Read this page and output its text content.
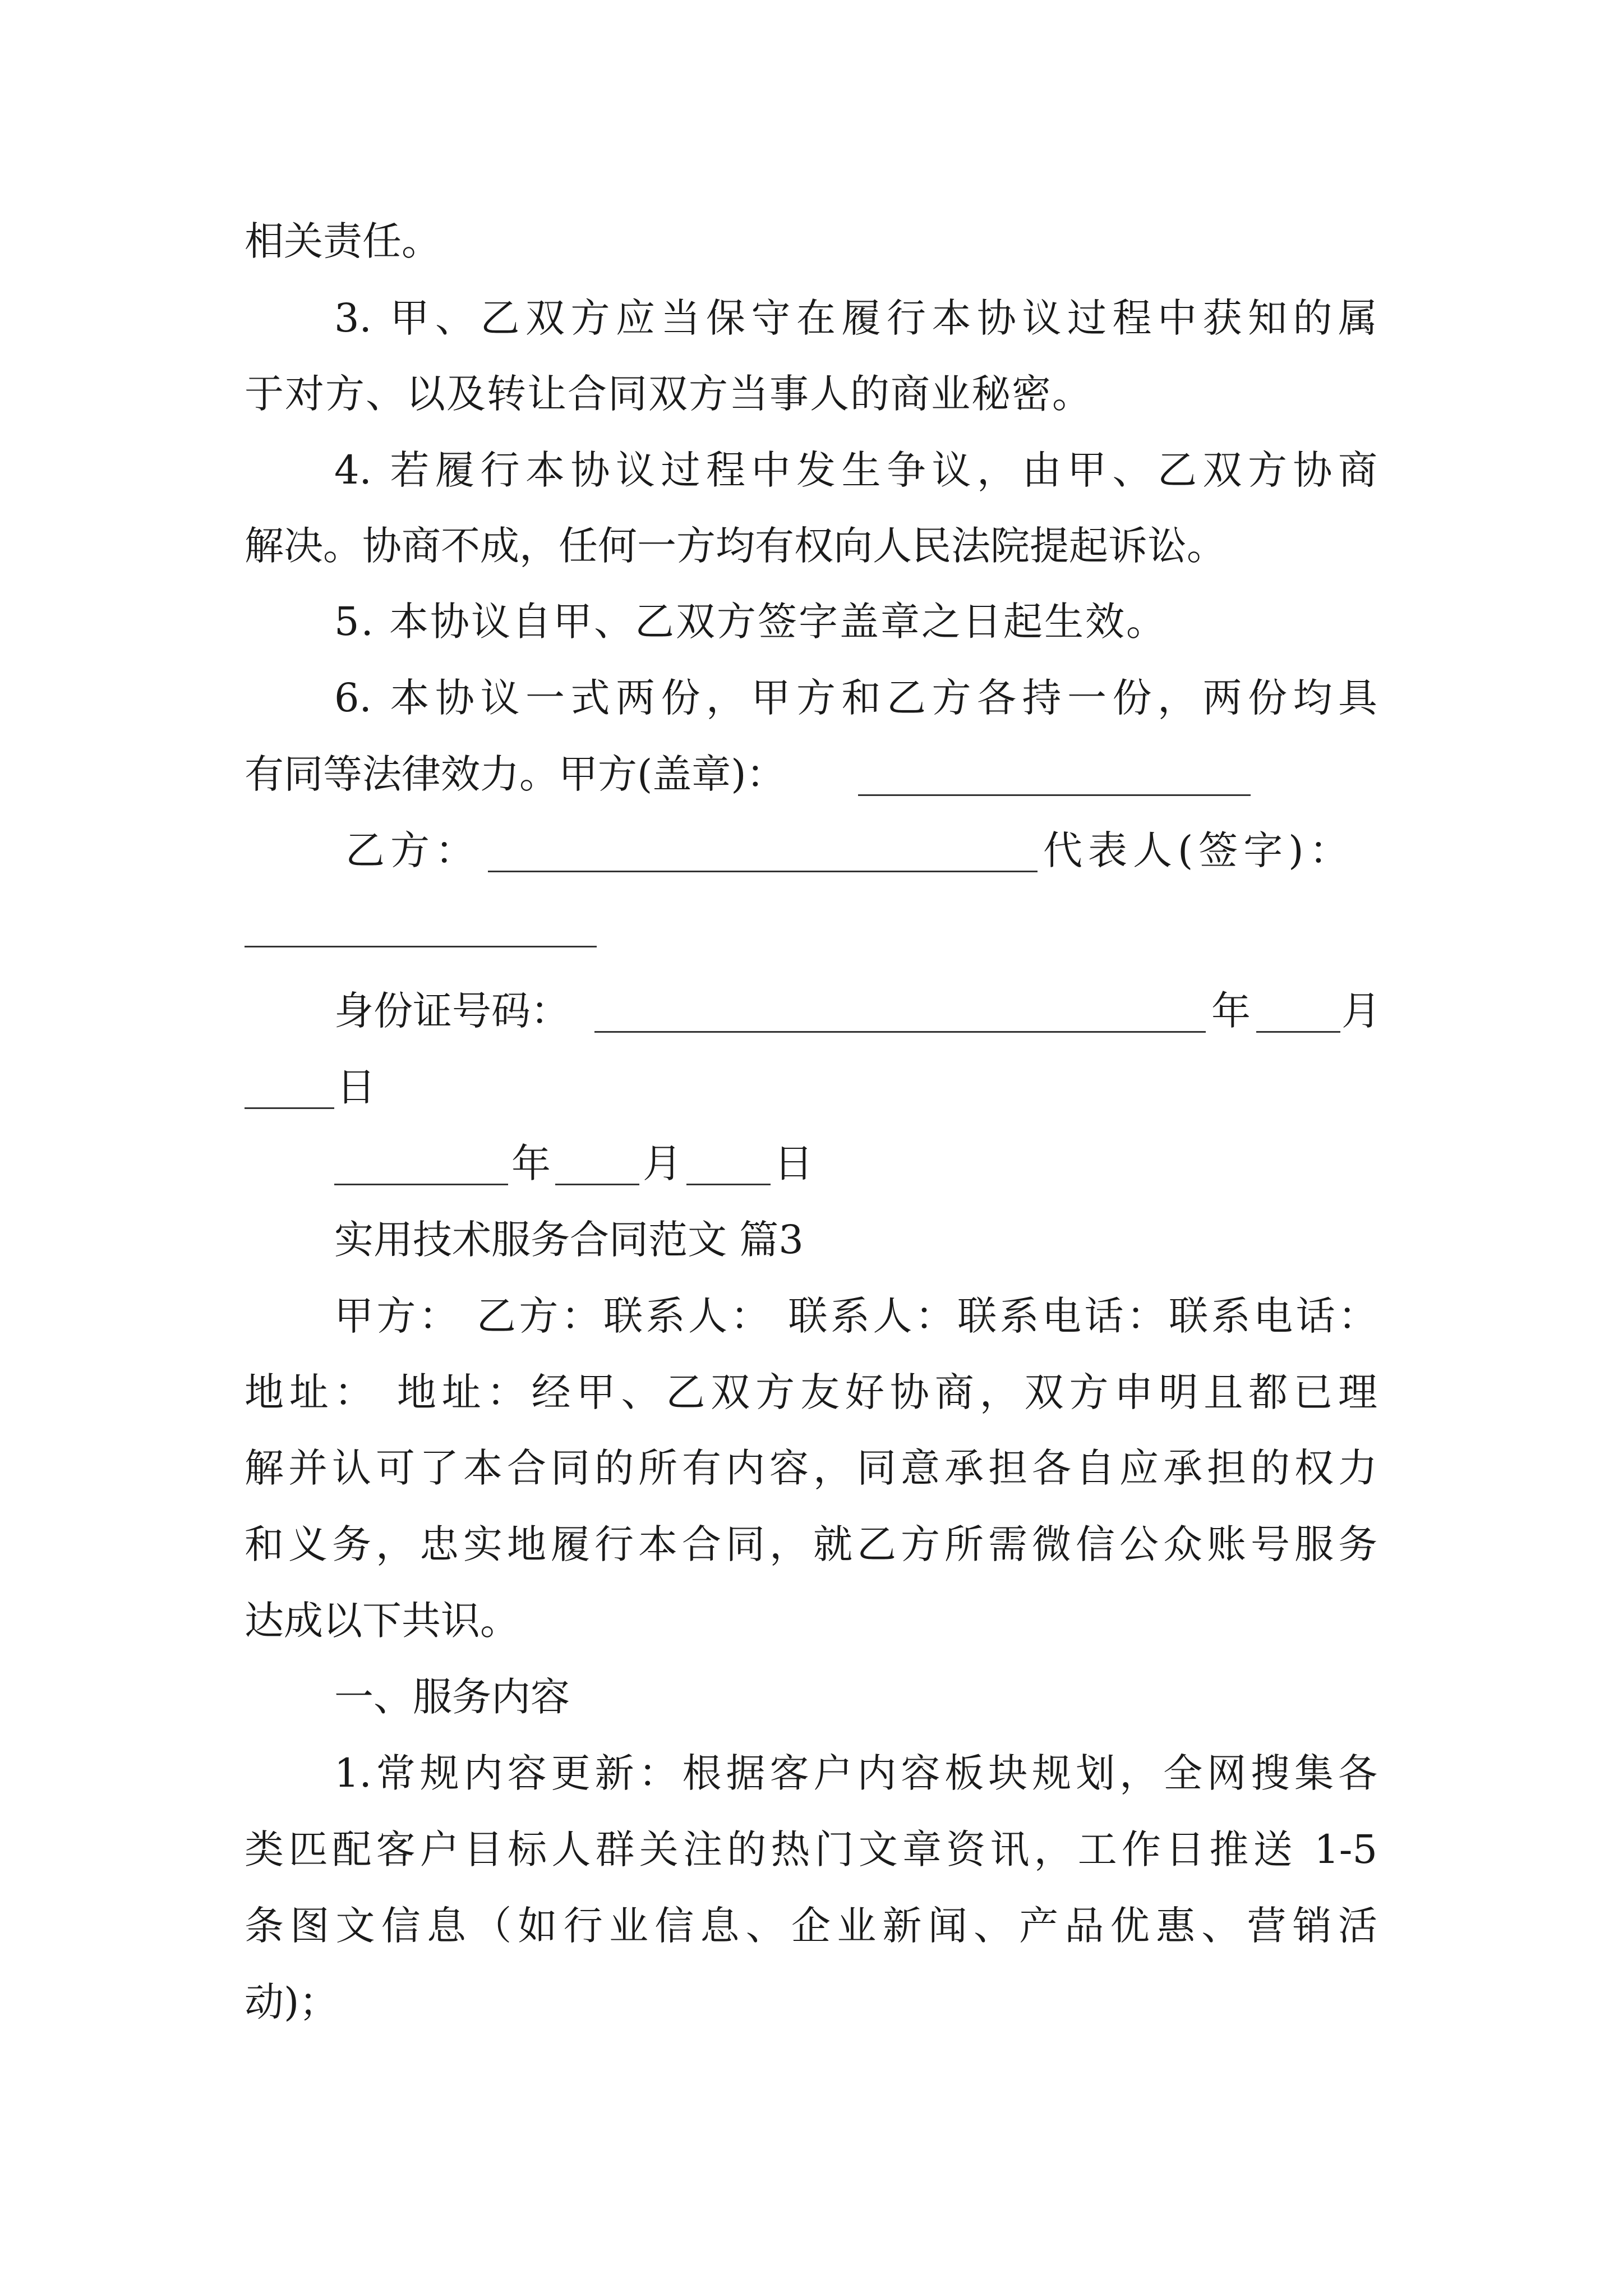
相关责任。
3. 甲、乙双方应当保守在履行本协议过程中获知的属
于对方、以及转让合同双方当事人的商业秘密。
4. 若履行本协议过程中发生争议，由甲、乙双方协商
解决。协商不成，任何一方均有权向人民法院提起诉讼。
5. 本协议自甲、乙双方签字盖章之日起生效。
6. 本协议一式两份，甲方和乙方各持一份，两份均具
有同等法律效力。甲方(盖章)：
乙方：	代表人(签字)：
身份证号码：	年 月
日
年 月 日
实用技术服务合同范文 篇3
甲方： 乙方：联系人： 联系人：联系电话：联系电话：
地址： 地址：经甲、乙双方友好协商，双方申明且都已理
解并认可了本合同的所有内容，同意承担各自应承担的权力
和义务，忠实地履行本合同，就乙方所需微信公众账号服务
达成以下共识。
一、服务内容
1.常规内容更新：根据客户内容板块规划，全网搜集各
类匹配客户目标人群关注的热门文章资讯，工作日推送 1-5
条图文信息（如行业信息、企业新闻、产品优惠、营销活
动)；
